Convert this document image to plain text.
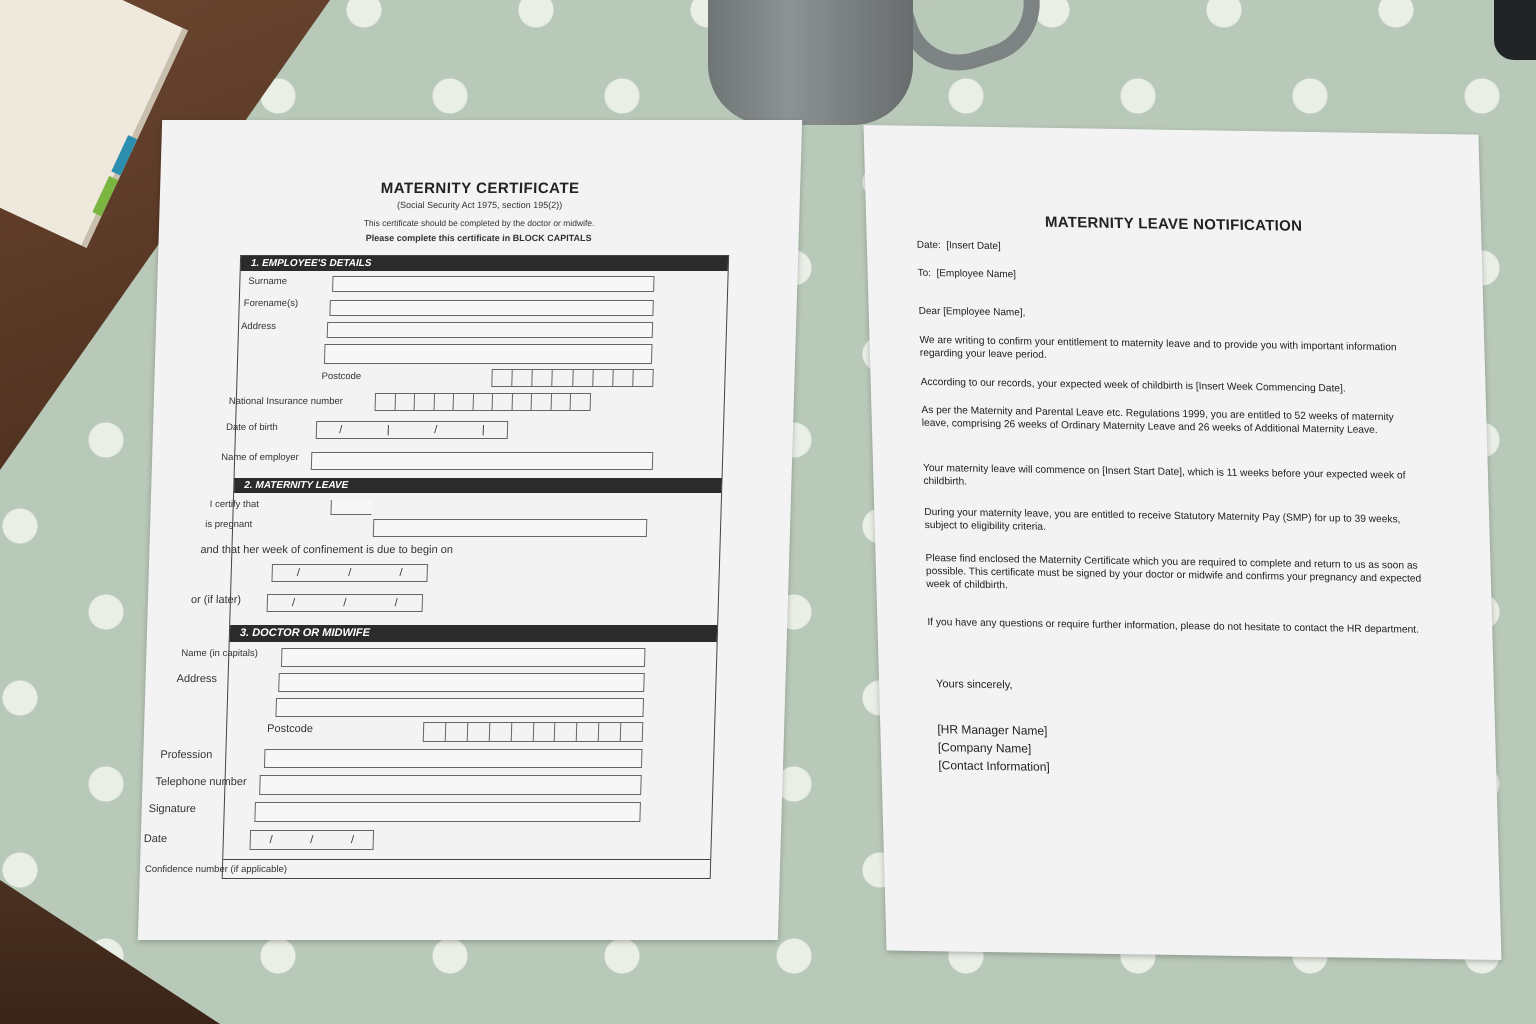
MATERNITY CERTIFICATE
(Social Security Act 1975, section 195(2))
This certificate should be completed by the doctor or midwife.
Please complete this certificate in BLOCK CAPITALS
1. EMPLOYEE'S DETAILS
Surname
Forename(s)
Address
Postcode
National Insurance number
Date of birth	/	|	/	|
Name of employer
2. MATERNITY LEAVE
I certify that
is pregnant
and that her week of confinement is due to begin on
/	/	/
or (if later)	/	/	/
3. DOCTOR OR MIDWIFE
Name (in capitals)
Address
Postcode
Profession
Telephone number
Signature
Date	/	/	/
Confidence number (if applicable)
MATERNITY LEAVE NOTIFICATION
Date: [Insert Date]
To: [Employee Name]
Dear [Employee Name],
We are writing to confirm your entitlement to maternity leave and to provide you with important information regarding your leave period.
According to our records, your expected week of childbirth is [Insert Week Commencing Date].
As per the Maternity and Parental Leave etc. Regulations 1999, you are entitled to 52 weeks of maternity leave, comprising 26 weeks of Ordinary Maternity Leave and 26 weeks of Additional Maternity Leave.
Your maternity leave will commence on [Insert Start Date], which is 11 weeks before your expected week of childbirth.
During your maternity leave, you are entitled to receive Statutory Maternity Pay (SMP) for up to 39 weeks, subject to eligibility criteria.
Please find enclosed the Maternity Certificate which you are required to complete and return to us as soon as possible. This certificate must be signed by your doctor or midwife and confirms your pregnancy and expected week of childbirth.
If you have any questions or require further information, please do not hesitate to contact the HR department.
Yours sincerely,
[HR Manager Name]
[Company Name]
[Contact Information]
